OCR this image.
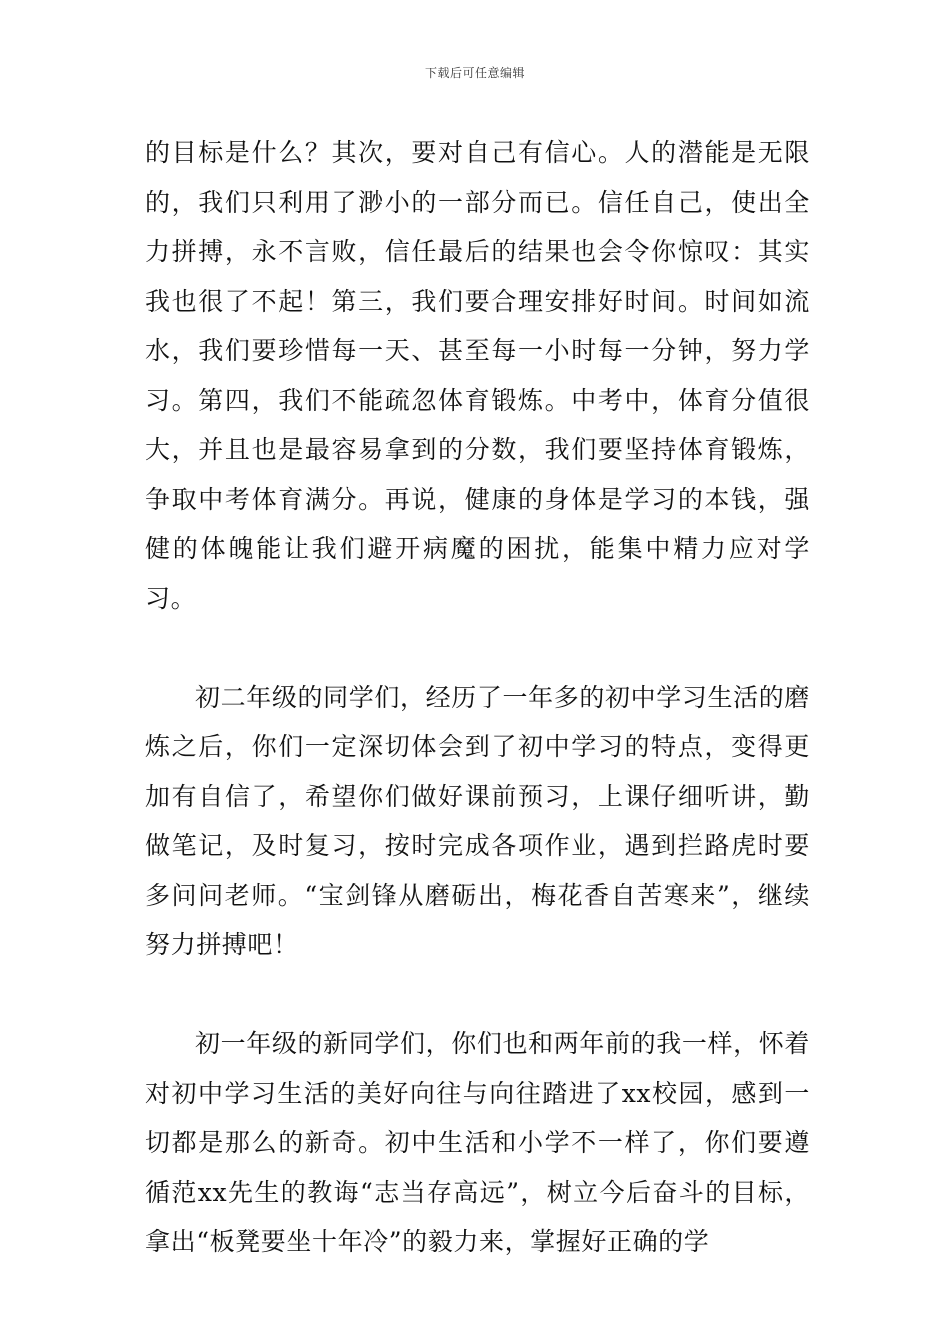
下载后可任意编辑

的目标是什么？其次，要对自己有信心。人的潜能是无限的，我们只利用了渺小的一部分而已。信任自己，使出全力拼搏，永不言败，信任最后的结果也会令你惊叹：其实我也很了不起！第三，我们要合理安排好时间。时间如流水，我们要珍惜每一天、甚至每一小时每一分钟，努力学习。第四，我们不能疏忽体育锻炼。中考中，体育分值很大，并且也是最容易拿到的分数，我们要坚持体育锻炼，争取中考体育满分。再说，健康的身体是学习的本钱，强健的体魄能让我们避开病魔的困扰，能集中精力应对学习。

初二年级的同学们，经历了一年多的初中学习生活的磨炼之后，你们一定深切体会到了初中学习的特点，变得更加有自信了，希望你们做好课前预习，上课仔细听讲，勤做笔记，及时复习，按时完成各项作业，遇到拦路虎时要多问问老师。“宝剑锋从磨砺出，梅花香自苦寒来”，继续努力拼搏吧！

初一年级的新同学们，你们也和两年前的我一样，怀着对初中学习生活的美好向往与向往踏进了xx校园，感到一切都是那么的新奇。初中生活和小学不一样了，你们要遵循范xx先生的教诲“志当存高远”，树立今后奋斗的目标，拿出“板凳要坐十年冷”的毅力来，掌握好正确的学
